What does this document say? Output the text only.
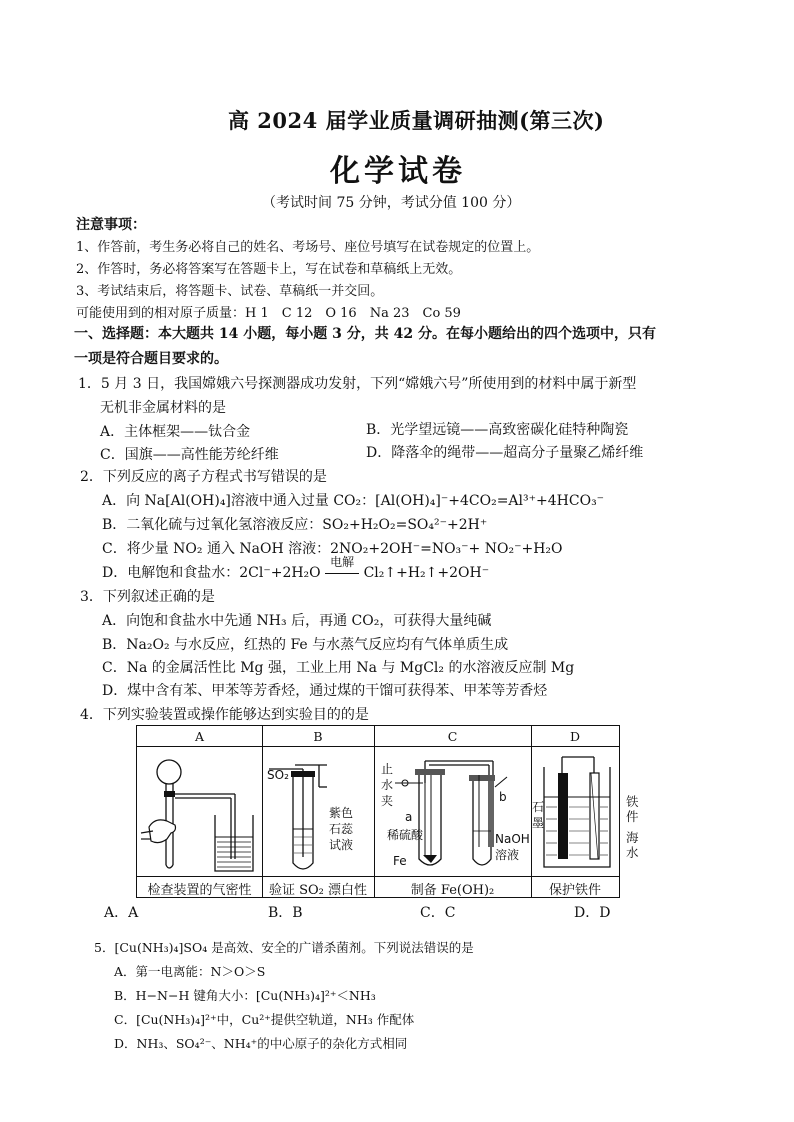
高 2024 届学业质量调研抽测(第三次)
化学试卷
（考试时间 75 分钟，考试分值 100 分）
注意事项：
1、作答前，考生务必将自己的姓名、考场号、座位号填写在试卷规定的位置上。
2、作答时，务必将答案写在答题卡上，写在试卷和草稿纸上无效。
3、考试结束后，将答题卡、试卷、草稿纸一并交回。
可能使用到的相对原子质量：H 1　C 12　O 16　Na 23　Co 59
一、选择题：本大题共 14 小题，每小题 3 分，共 42 分。在每小题给出的四个选项中，只有
一项是符合题目要求的。
1．5 月 3 日，我国嫦娥六号探测器成功发射，下列“嫦娥六号”所使用到的材料中属于新型
无机非金属材料的是
A．主体框架——钛合金	B．光学望远镜——高致密碳化硅特种陶瓷
C．国旗——高性能芳纶纤维	D．降落伞的绳带——超高分子量聚乙烯纤维
2．下列反应的离子方程式书写错误的是
A．向 Na[Al(OH)₄]溶液中通入过量 CO₂：[Al(OH)₄]⁻+4CO₂=Al³⁺+4HCO₃⁻
B．二氧化硫与过氧化氢溶液反应：SO₂+H₂O₂=SO₄²⁻+2H⁺
C．将少量 NO₂ 通入 NaOH 溶液：2NO₂+2OH⁻=NO₃⁻+ NO₂⁻+H₂O
D．电解饱和食盐水：2Cl⁻+2H₂O
电解
Cl₂↑+H₂↑+2OH⁻
3．下列叙述正确的是
A．向饱和食盐水中先通 NH₃ 后，再通 CO₂，可获得大量纯碱
B．Na₂O₂ 与水反应，红热的 Fe 与水蒸气反应均有气体单质生成
C．Na 的金属活性比 Mg 强，工业上用 Na 与 MgCl₂ 的水溶液反应制 Mg
D．煤中含有苯、甲苯等芳香烃，通过煤的干馏可获得苯、甲苯等芳香烃
4．下列实验装置或操作能够达到实验目的的是
A	B	C	D
SO₂
紫色
石蕊
试液
止
水
夹
a
稀硫酸
Fe
b
NaOH
溶液
石
墨
检查装置的气密性	验证 SO₂ 漂白性	制备 Fe(OH)₂	保护铁件
铁
件
海
水
A．A	B．B	C．C	D．D
5．[Cu(NH₃)₄]SO₄ 是高效、安全的广谱杀菌剂。下列说法错误的是
A．第一电离能：N＞O＞S
B．H−N−H 键角大小：[Cu(NH₃)₄]²⁺＜NH₃
C．[Cu(NH₃)₄]²⁺中，Cu²⁺提供空轨道，NH₃ 作配体
D．NH₃、SO₄²⁻、NH₄⁺的中心原子的杂化方式相同
